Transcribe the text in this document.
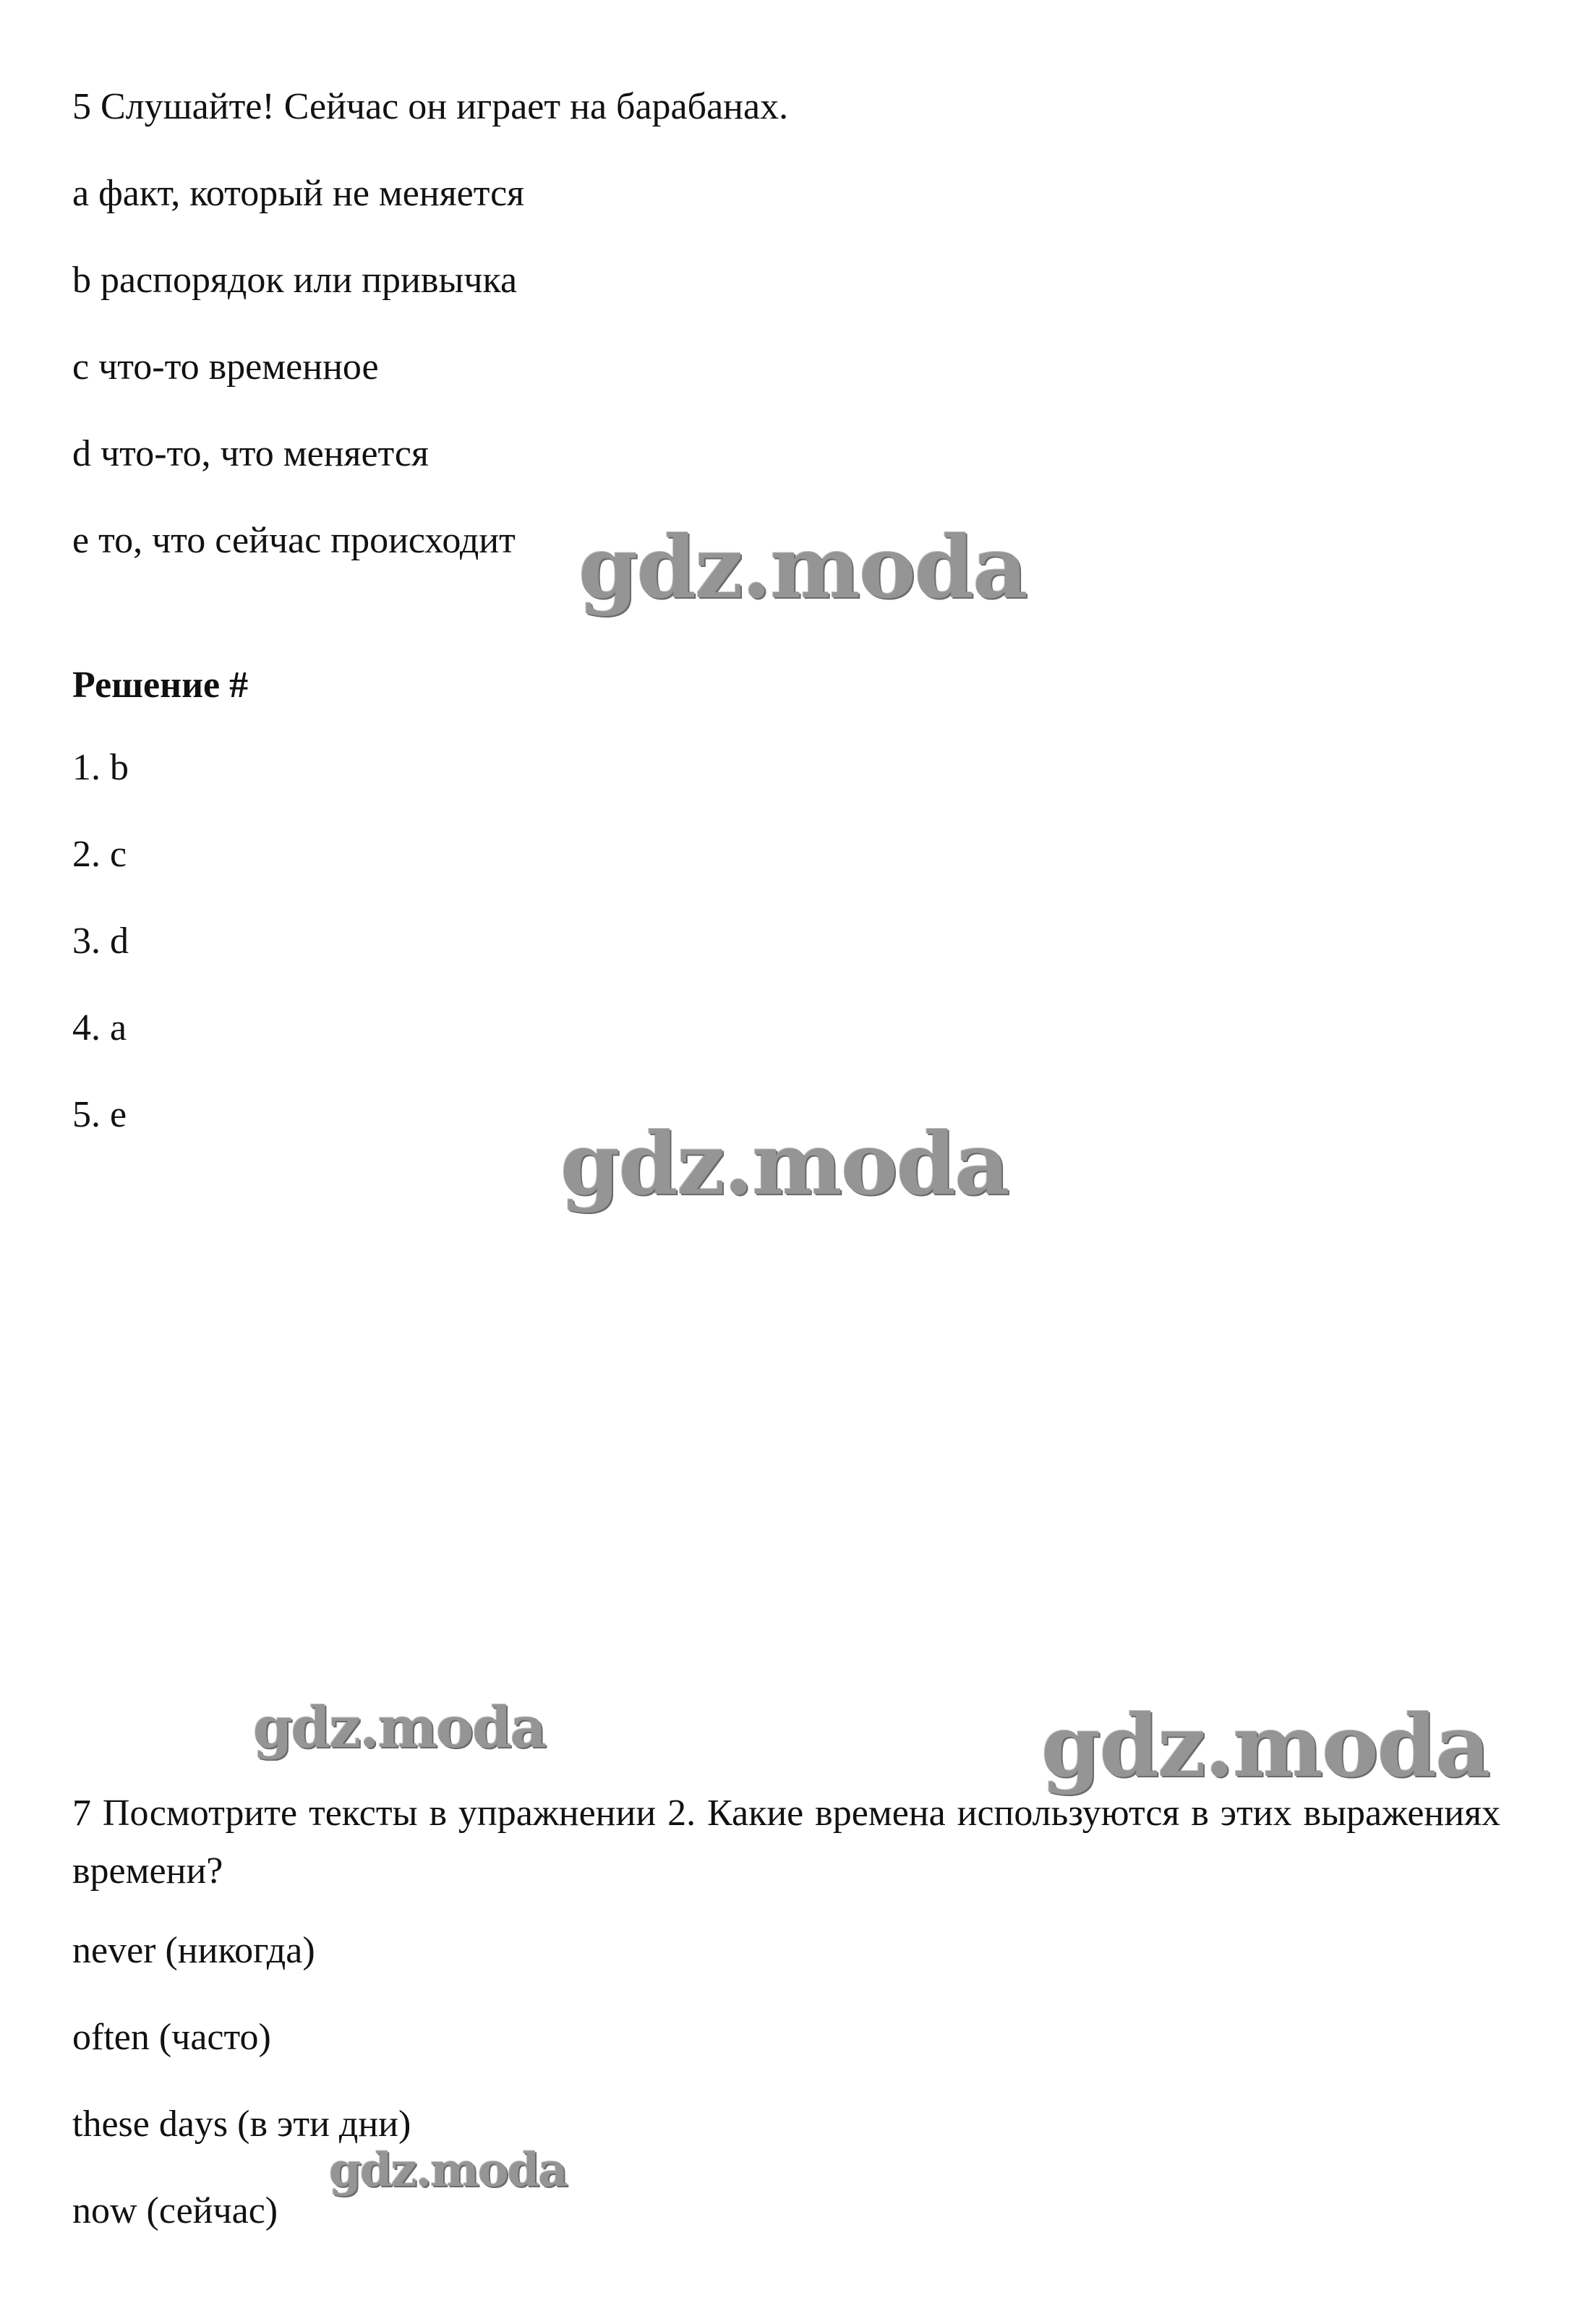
5 Слушайте! Сейчас он играет на барабанах.
a факт, который не меняется
b распорядок или привычка
c что-то временное
d что-то, что меняется
e то, что сейчас происходит
Решение #
1. b
2. c
3. d
4. a
5. e
7 Посмотрите тексты в упражнении 2. Какие времена используются в этих выражениях времени?
never (никогда)
often (часто)
these days (в эти дни)
now (сейчас)
gdz.moda
gdz.moda
gdz.moda	gdz.moda
gdz.moda
